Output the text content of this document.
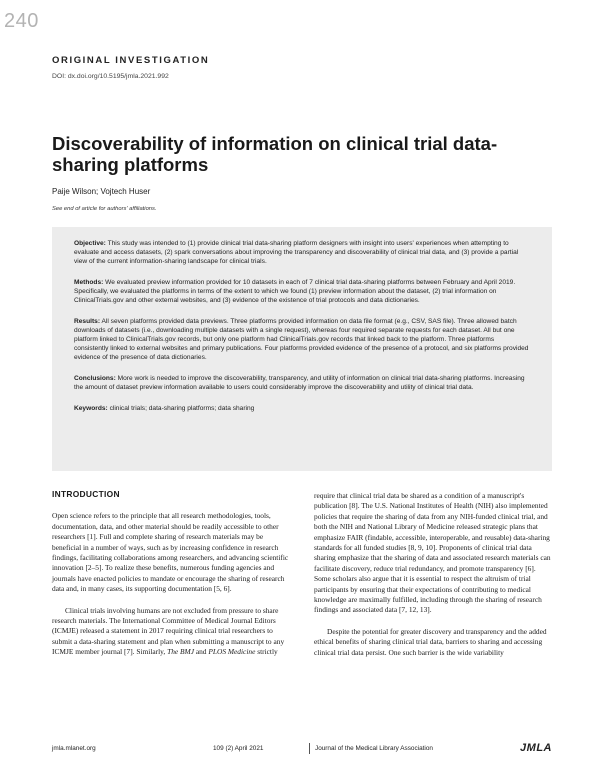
240
ORIGINAL INVESTIGATION
DOI: dx.doi.org/10.5195/jmla.2021.992
Discoverability of information on clinical trial data-sharing platforms
Paije Wilson; Vojtech Huser
See end of article for authors' affiliations.

Objective: This study was intended to (1) provide clinical trial data-sharing platform designers with insight into users' experiences when attempting to evaluate and access datasets, (2) spark conversations about improving the transparency and discoverability of clinical trial data, and (3) provide a partial view of the current information-sharing landscape for clinical trials.

Methods: We evaluated preview information provided for 10 datasets in each of 7 clinical trial data-sharing platforms between February and April 2019. Specifically, we evaluated the platforms in terms of the extent to which we found (1) preview information about the dataset, (2) trial information on ClinicalTrials.gov and other external websites, and (3) evidence of the existence of trial protocols and data dictionaries.

Results: All seven platforms provided data previews. Three platforms provided information on data file format (e.g., CSV, SAS file). Three allowed batch downloads of datasets (i.e., downloading multiple datasets with a single request), whereas four required separate requests for each dataset. All but one platform linked to ClinicalTrials.gov records, but only one platform had ClinicalTrials.gov records that linked back to the platform. Three platforms consistently linked to external websites and primary publications. Four platforms provided evidence of the presence of a protocol, and six platforms provided evidence of the presence of data dictionaries.

Conclusions: More work is needed to improve the discoverability, transparency, and utility of information on clinical trial data-sharing platforms. Increasing the amount of dataset preview information available to users could considerably improve the discoverability and utility of clinical trial data.

Keywords: clinical trials; data-sharing platforms; data sharing

INTRODUCTION

Open science refers to the principle that all research methodologies, tools, documentation, data, and other material should be readily accessible to other researchers [1]. Full and complete sharing of research materials may be beneficial in a number of ways, such as by increasing confidence in research findings, facilitating collaborations among researchers, and advancing scientific innovation [2–5]. To realize these benefits, numerous funding agencies and journals have enacted policies to mandate or encourage the sharing of research data and, in many cases, its supporting documentation [5, 6].

Clinical trials involving humans are not excluded from pressure to share research materials. The International Committee of Medical Journal Editors (ICMJE) released a statement in 2017 requiring clinical trial researchers to submit a data-sharing statement and plan when submitting a manuscript to any ICMJE member journal [7]. Similarly, The BMJ and PLOS Medicine strictly

require that clinical trial data be shared as a condition of a manuscript's publication [8]. The U.S. National Institutes of Health (NIH) also implemented policies that require the sharing of data from any NIH-funded clinical trial, and both the NIH and National Library of Medicine released strategic plans that emphasize FAIR (findable, accessible, interoperable, and reusable) data-sharing standards for all funded studies [8, 9, 10]. Proponents of clinical trial data sharing emphasize that the sharing of data and associated research materials can facilitate discovery, reduce trial redundancy, and promote transparency [6]. Some scholars also argue that it is essential to respect the altruism of trial participants by ensuring that their expectations of contributing to medical knowledge are maximally fulfilled, including through the sharing of research findings and associated data [7, 12, 13].

Despite the potential for greater discovery and transparency and the added ethical benefits of sharing clinical trial data, barriers to sharing and accessing clinical trial data persist. One such barrier is the wide variability

jmla.mlanet.org	109 (2) April 2021	Journal of the Medical Library Association	JMLA
